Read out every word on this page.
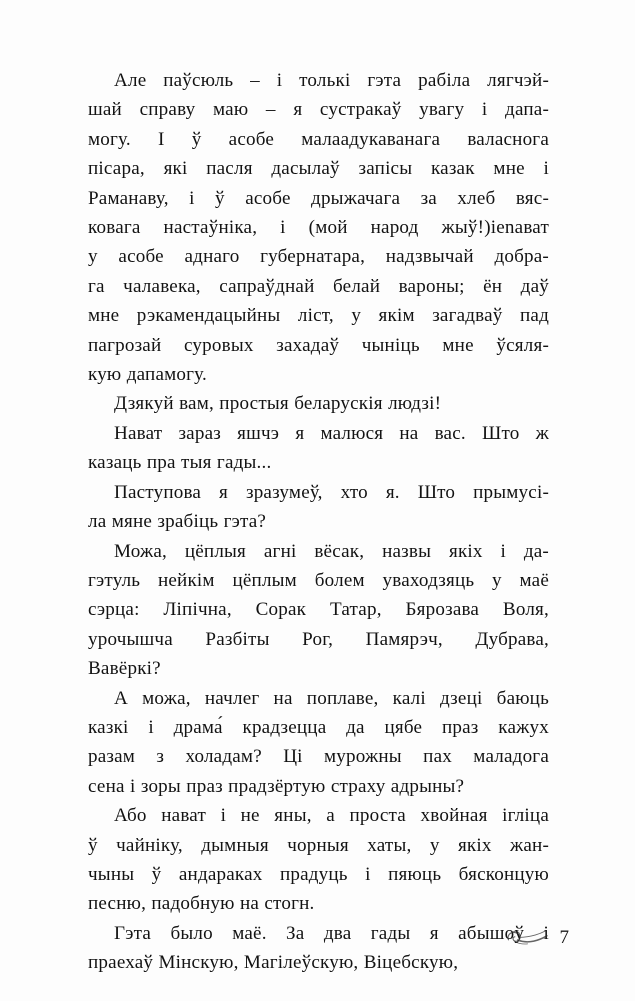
Але паўсюль – і толькі гэта рабіла лягчэй-
шай справу маю – я сустракаў увагу і дапа-
могу. І ў асобе малаадукаванага валаснога
пісара, які пасля дасылаў запісы казак мне і
Раманаву, і ў асобе дрыжачага за хлеб вяс-
ковага настаўніка, і (мой народ жыў!)ienaват
у асобе аднаго губернатара, надзвычай добра-
га чалавека, сапраўднай белай вароны; ён даў
мне рэкамендацыйны ліст, у якім загадваў пад
пагрозай суровых захадаў чыніць мне ўсяля-
кую дапамогу.

Дзякуй вам, простыя беларускія людзі!

Нават зараз яшчэ я малюся на вас. Што ж
казаць пра тыя гады...

Паступова я зразумеў, хто я. Што прымусі-
ла мяне зрабіць гэта?

Можа, цёплыя агні вёсак, назвы якіх і да-
гэтуль нейкім цёплым болем уваходзяць у маё
сэрца: Ліпічна, Сорак Татар, Бярозава Воля,
урочышча Разбіты Рог, Памярэч, Дубрава,
Вавёркі?

А можа, начлег на поплаве, калі дзеці баюць
казкі і драма́ крадзецца да цябе праз кажух
разам з холадам? Ці мурожны пах маладога
сена і зоры праз прадзёртую страху адрыны?

Або нават і не яны, а проста хвойная ігліца
ў чайніку, дымныя чорныя хаты, у якіх жан-
чыны ў андараках прадуць і пяюць бясконцую
песню, падобную на стогн.

Гэта было маё. За два гады я абышоў і
праехаў Мінскую, Магілеўскую, Віцебскую,

7
